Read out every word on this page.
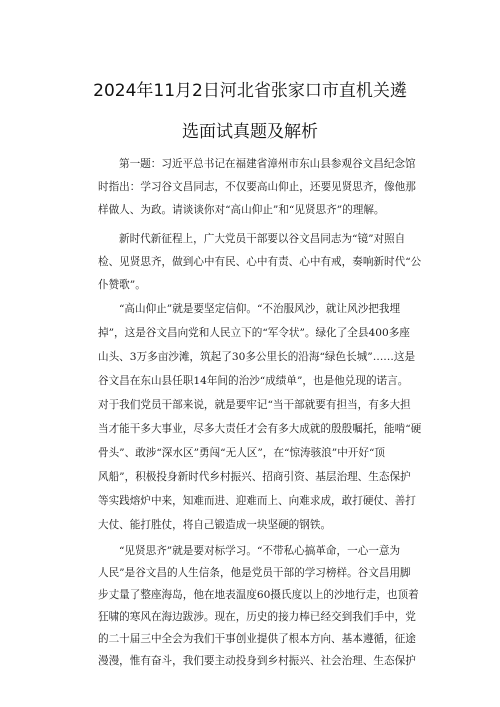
2024年11月2日河北省张家口市直机关遴
选面试真题及解析
第一题：习近平总书记在福建省漳州市东山县参观谷文昌纪念馆
时指出：学习谷文昌同志，不仅要高山仰止，还要见贤思齐，像他那
样做人、为政。请谈谈你对“高山仰止”和“见贤思齐”的理解。
新时代新征程上，广大党员干部要以谷文昌同志为“镜”对照自
检、见贤思齐，做到心中有民、心中有责、心中有戒，奏响新时代“公
仆赞歌”。
“高山仰止”就是要坚定信仰。“不治服风沙，就让风沙把我埋
掉”，这是谷文昌向党和人民立下的“军令状”。绿化了全县400多座
山头、3万多亩沙滩，筑起了30多公里长的沿海“绿色长城”……这是
谷文昌在东山县任职14年间的治沙“成绩单”，也是他兑现的诺言。
对于我们党员干部来说，就是要牢记“当干部就要有担当，有多大担
当才能干多大事业，尽多大责任才会有多大成就的殷殷嘱托，能啃“硬
骨头”、敢涉“深水区”勇闯“无人区”，在“惊涛骇浪”中开好“顶
风船”，积极投身新时代乡村振兴、招商引资、基层治理、生态保护
等实践熔炉中来，知难而进、迎难而上、向难求成，敢打硬仗、善打
大仗、能打胜仗，将自己锻造成一块坚硬的钢铁。
“见贤思齐”就是要对标学习。“不带私心搞革命，一心一意为
人民”是谷文昌的人生信条，他是党员干部的学习榜样。谷文昌用脚
步丈量了整座海岛，他在地表温度60摄氏度以上的沙地行走，也顶着
狂啸的寒风在海边跋涉。现在，历史的接力棒已经交到我们手中，党
的二十届三中全会为我们干事创业提供了根本方向、基本遵循，征途
漫漫，惟有奋斗，我们要主动投身到乡村振兴、社会治理、生态保护
